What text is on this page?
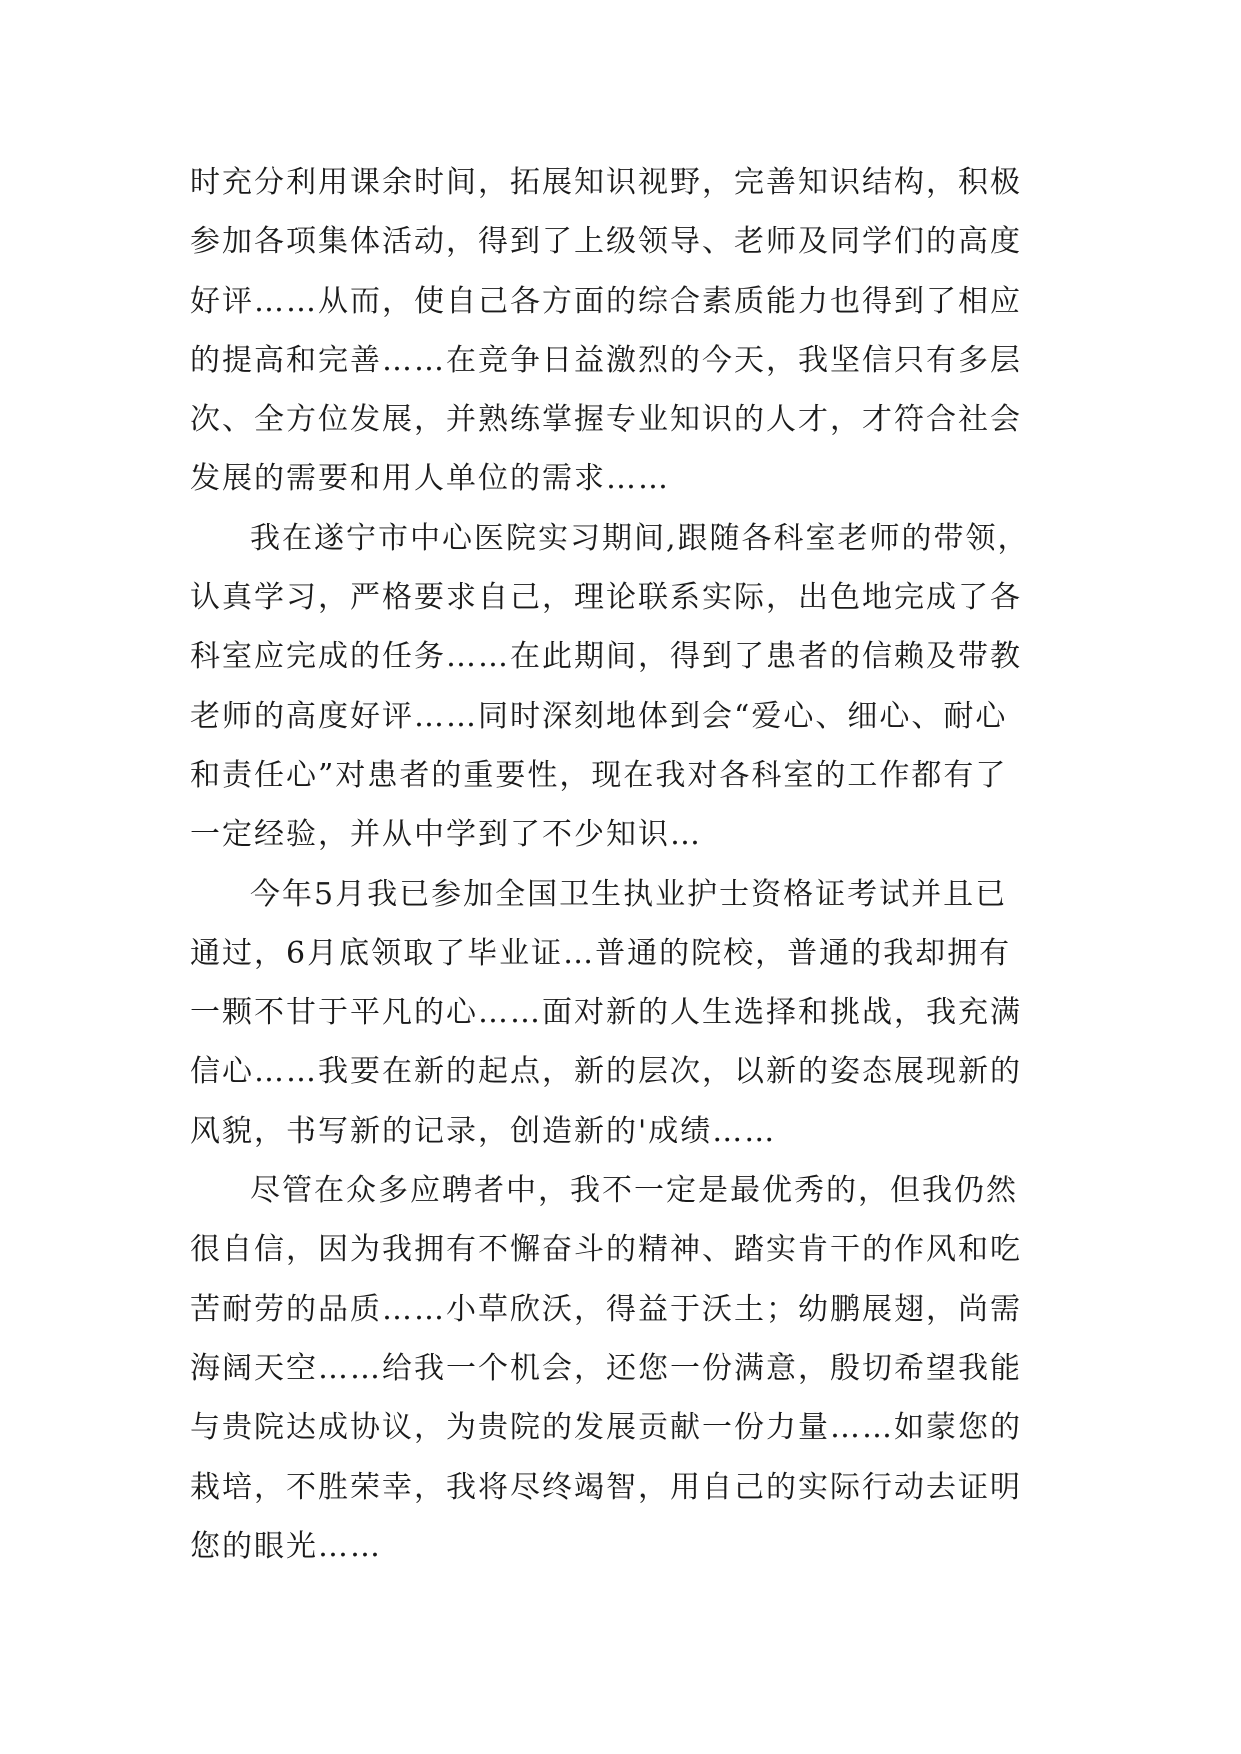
时充分利用课余时间，拓展知识视野，完善知识结构，积极
参加各项集体活动，得到了上级领导、老师及同学们的高度
好评……从而，使自己各方面的综合素质能力也得到了相应
的提高和完善……在竞争日益激烈的今天，我坚信只有多层
次、全方位发展，并熟练掌握专业知识的人才，才符合社会
发展的需要和用人单位的需求……
我在遂宁市中心医院实习期间,跟随各科室老师的带领，
认真学习，严格要求自己，理论联系实际，出色地完成了各
科室应完成的任务……在此期间，得到了患者的信赖及带教
老师的高度好评……同时深刻地体到会“爱心、细心、耐心
和责任心”对患者的重要性，现在我对各科室的工作都有了
一定经验，并从中学到了不少知识…
今年5月我已参加全国卫生执业护士资格证考试并且已
通过，6月底领取了毕业证…普通的院校，普通的我却拥有
一颗不甘于平凡的心……面对新的人生选择和挑战，我充满
信心……我要在新的起点，新的层次，以新的姿态展现新的
风貌，书写新的记录，创造新的'成绩……
尽管在众多应聘者中，我不一定是最优秀的，但我仍然
很自信，因为我拥有不懈奋斗的精神、踏实肯干的作风和吃
苦耐劳的品质……小草欣沃，得益于沃土；幼鹏展翅，尚需
海阔天空……给我一个机会，还您一份满意，殷切希望我能
与贵院达成协议，为贵院的发展贡献一份力量……如蒙您的
栽培，不胜荣幸，我将尽终竭智，用自己的实际行动去证明
您的眼光……
